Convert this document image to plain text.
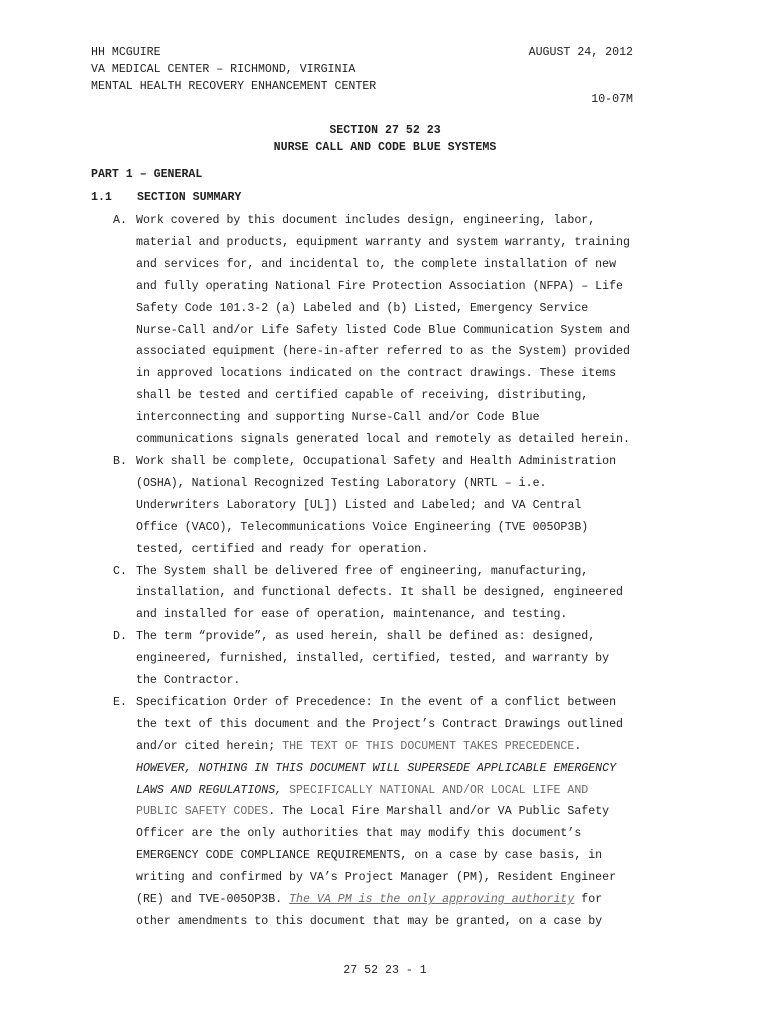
HH MCGUIRE
VA MEDICAL CENTER – RICHMOND, VIRGINIA
MENTAL HEALTH RECOVERY ENHANCEMENT CENTER
AUGUST 24, 2012
10-07M
SECTION 27 52 23
NURSE CALL AND CODE BLUE SYSTEMS
PART 1 – GENERAL
1.1 SECTION SUMMARY
A. Work covered by this document includes design, engineering, labor,
material and products, equipment warranty and system warranty, training
and services for, and incidental to, the complete installation of new
and fully operating National Fire Protection Association (NFPA) – Life
Safety Code 101.3-2 (a) Labeled and (b) Listed, Emergency Service
Nurse-Call and/or Life Safety listed Code Blue Communication System and
associated equipment (here-in-after referred to as the System) provided
in approved locations indicated on the contract drawings. These items
shall be tested and certified capable of receiving, distributing,
interconnecting and supporting Nurse-Call and/or Code Blue
communications signals generated local and remotely as detailed herein.
B. Work shall be complete, Occupational Safety and Health Administration
(OSHA), National Recognized Testing Laboratory (NRTL – i.e.
Underwriters Laboratory [UL]) Listed and Labeled; and VA Central
Office (VACO), Telecommunications Voice Engineering (TVE 005OP3B)
tested, certified and ready for operation.
C. The System shall be delivered free of engineering, manufacturing,
installation, and functional defects. It shall be designed, engineered
and installed for ease of operation, maintenance, and testing.
D. The term “provide”, as used herein, shall be defined as: designed,
engineered, furnished, installed, certified, tested, and warranty by
the Contractor.
E. Specification Order of Precedence: In the event of a conflict between
the text of this document and the Project’s Contract Drawings outlined
and/or cited herein; THE TEXT OF THIS DOCUMENT TAKES PRECEDENCE.
HOWEVER, NOTHING IN THIS DOCUMENT WILL SUPERSEDE APPLICABLE EMERGENCY
LAWS AND REGULATIONS, SPECIFICALLY NATIONAL AND/OR LOCAL LIFE AND
PUBLIC SAFETY CODES. The Local Fire Marshall and/or VA Public Safety
Officer are the only authorities that may modify this document’s
EMERGENCY CODE COMPLIANCE REQUIREMENTS, on a case by case basis, in
writing and confirmed by VA’s Project Manager (PM), Resident Engineer
(RE) and TVE-005OP3B. The VA PM is the only approving authority for
other amendments to this document that may be granted, on a case by
27 52 23 - 1
